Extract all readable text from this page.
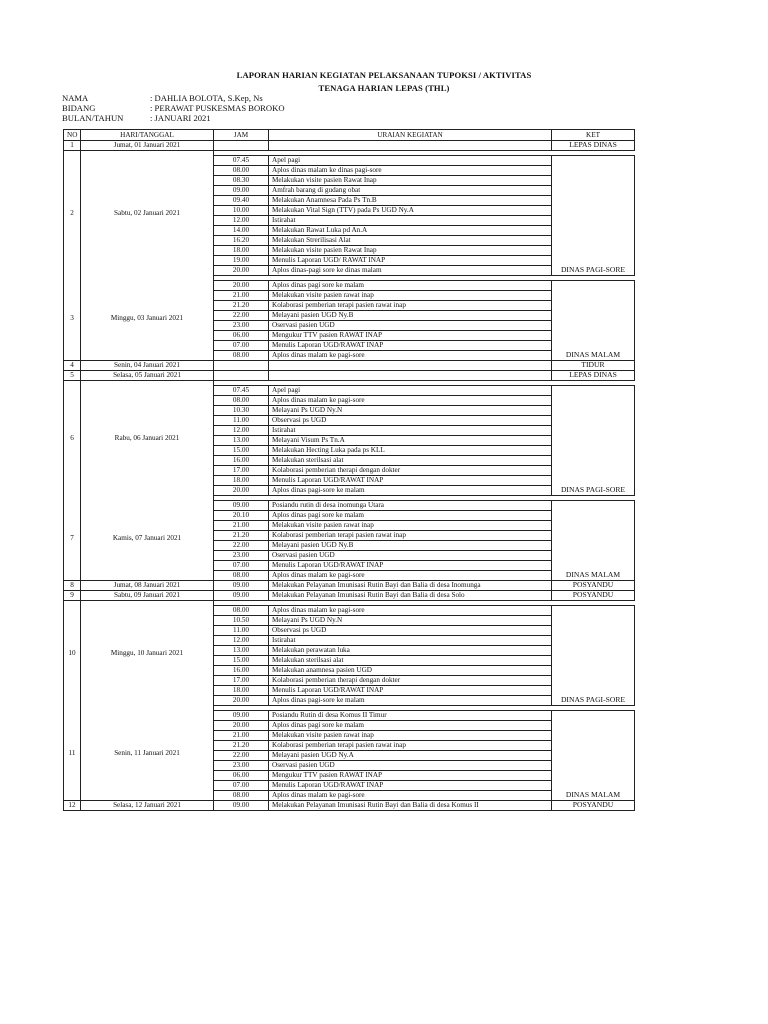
LAPORAN HARIAN KEGIATAN PELAKSANAAN TUPOKSI / AKTIVITAS
TENAGA HARIAN LEPAS (THL)
NAMA	: DAHLIA BOLOTA, S.Kep, Ns
BIDANG	: PERAWAT PUSKESMAS BOROKO
BULAN/TAHUN	: JANUARI 2021
NO	HARI/TANGGAL	JAM	URAIAN KEGIATAN	KET
1	Jumat, 01 Januari 2021			LEPAS DINAS
2	Sabtu, 02 Januari 2021			
		07.45	Apel pagi	
		08.00	Aplos dinas malam ke dinas pagi-sore	
		08.30	Melakukan visite pasien Rawat Inap	
		09.00	Amfrah barang di gudang obat	
		09.40	Melakukan Anamnesa Pada Ps Tn.B	
		10.00	Melakukan Vital Sign (TTV) pada Ps UGD Ny.A	
		12.00	Istirahat	
		14.00	Melakukan Rawat Luka pd An.A	
		16.20	Melakukan Strerilisasi Alat	
		18.00	Melakukan visite pasien Rawat Inap	
		19.00	Menulis Laporan UGD/ RAWAT INAP	
		20.00	Aplos dinas-pagi sore ke dinas malam	DINAS PAGI-SORE
3	Minggu, 03 Januari 2021			
		20.00	Aplos dinas pagi sore ke malam	
		21.00	Melakukan visite pasien rawat inap	
		21.20	Kolaborasi pemberian terapi pasien rawat inap	
		22.00	Melayani pasien UGD Ny.B	
		23.00	Oservasi pasien UGD	
		06.00	Mengukur TTV pasien RAWAT INAP	
		07.00	Menulis Laporan UGD/RAWAT INAP	
		08.00	Aplos dinas malam ke pagi-sore	DINAS MALAM
4	Senin, 04 Januari 2021			TIDUR
5	Selasa, 05 Januari 2021			LEPAS DINAS
6	Rabu, 06 Januari 2021			
		07.45	Apel pagi	
		08.00	Aplos dinas malam ke pagi-sore	
		10.30	Melayani Ps UGD Ny.N	
		11.00	Observasi ps UGD	
		12.00	Istirahat	
		13.00	Melayani Visum Ps Tn.A	
		15.00	Melakukan Hecting Luka pada ps KLL	
		16.00	Melakukan sterilsasi alat	
		17.00	Kolaborasi pemberian therapi dengan dokter	
		18.00	Menulis Laporan UGD/RAWAT INAP	
		20.00	Aplos dinas pagi-sore ke malam	DINAS PAGI-SORE
7	Kamis, 07 Januari 2021			
		09.00	Posiandu rutin di desa inomunga Utara	
		20.10	Aplos dinas pagi sore ke malam	
		21.00	Melakukan visite pasien rawat inap	
		21.20	Kolaborasi pemberian terapi pasien rawat inap	
		22.00	Melayani pasien UGD Ny.B	
		23.00	Oservasi pasien UGD	
		07.00	Menulis Laporan UGD/RAWAT INAP	
		08.00	Aplos dinas malam ke pagi-sore	DINAS MALAM
8	Jumat, 08 Januari 2021	09.00	Melakukan Pelayanan Imunisasi Rutin Bayi dan Balia di desa Inomunga	POSYANDU
9	Sabtu, 09 Januari 2021	09.00	Melakukan Pelayanan Imunisasi Rutin Bayi dan Balia di desa Solo	POSYANDU
10	Minggu, 10 Januari 2021			
		08.00	Aplos dinas malam ke pagi-sore	
		10.50	Melayani Ps UGD Ny.N	
		11.00	Observasi ps UGD	
		12.00	Istirahat	
		13.00	Melakukan perawatan luka	
		15.00	Melakukan sterilsasi alat	
		16.00	Melakukan anamnesa pasien UGD	
		17.00	Kolaborasi pemberian therapi dengan dokter	
		18.00	Menulis Laporan UGD/RAWAT INAP	
		20.00	Aplos dinas pagi-sore ke malam	DINAS PAGI-SORE
11	Senin, 11 Januari 2021			
		09.00	Posiandu Rutin di desa Komus II Timur	
		20.00	Aplos dinas pagi sore ke malam	
		21.00	Melakukan visite pasien rawat inap	
		21.20	Kolaborasi pemberian terapi pasien rawat inap	
		22.00	Melayani pasien UGD Ny.A	
		23.00	Oservasi pasien UGD	
		06.00	Mengukur TTV pasien RAWAT INAP	
		07.00	Menulis Laporan UGD/RAWAT INAP	
		08.00	Aplos dinas malam ke pagi-sore	DINAS MALAM
12	Selasa, 12 Januari 2021	09.00	Melakukan Pelayanan Imunisasi Rutin Bayi dan Balia di desa Komus II	POSYANDU
